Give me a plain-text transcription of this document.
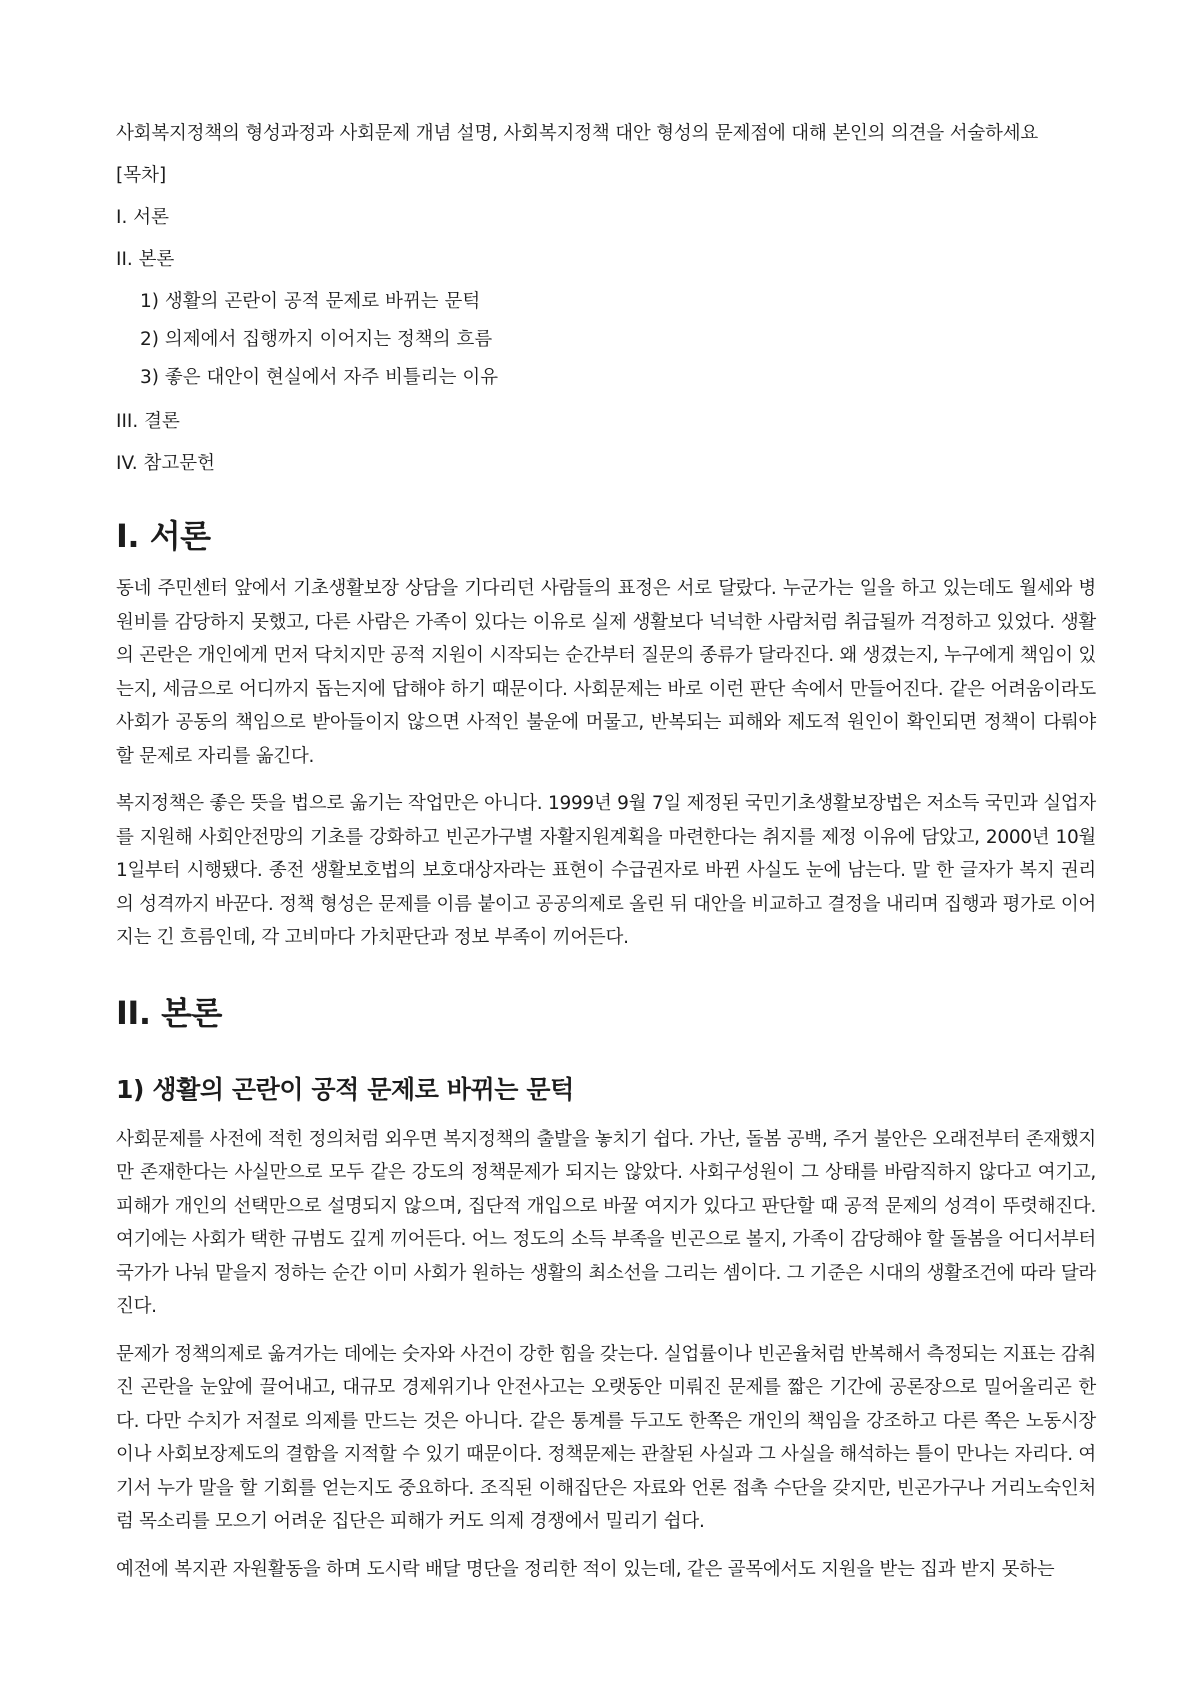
사회복지정책의 형성과정과 사회문제 개념 설명, 사회복지정책 대안 형성의 문제점에 대해 본인의 의견을 서술하세요

[목차]

I. 서론
II. 본론
1) 생활의 곤란이 공적 문제로 바뀌는 문턱
2) 의제에서 집행까지 이어지는 정책의 흐름
3) 좋은 대안이 현실에서 자주 비틀리는 이유
III. 결론
IV. 참고문헌
I. 서론

동네 주민센터 앞에서 기초생활보장 상담을 기다리던 사람들의 표정은 서로 달랐다. 누군가는 일을 하고 있는데도 월세와 병원비를 감당하지 못했고, 다른 사람은 가족이 있다는 이유로 실제 생활보다 넉넉한 사람처럼 취급될까 걱정하고 있었다. 생활의 곤란은 개인에게 먼저 닥치지만 공적 지원이 시작되는 순간부터 질문의 종류가 달라진다. 왜 생겼는지, 누구에게 책임이 있는지, 세금으로 어디까지 돕는지에 답해야 하기 때문이다. 사회문제는 바로 이런 판단 속에서 만들어진다. 같은 어려움이라도 사회가 공동의 책임으로 받아들이지 않으면 사적인 불운에 머물고, 반복되는 피해와 제도적 원인이 확인되면 정책이 다뤄야 할 문제로 자리를 옮긴다.

복지정책은 좋은 뜻을 법으로 옮기는 작업만은 아니다. 1999년 9월 7일 제정된 국민기초생활보장법은 저소득 국민과 실업자를 지원해 사회안전망의 기초를 강화하고 빈곤가구별 자활지원계획을 마련한다는 취지를 제정 이유에 담았고, 2000년 10월 1일부터 시행됐다. 종전 생활보호법의 보호대상자라는 표현이 수급권자로 바뀐 사실도 눈에 남는다. 말 한 글자가 복지 권리의 성격까지 바꾼다. 정책 형성은 문제를 이름 붙이고 공공의제로 올린 뒤 대안을 비교하고 결정을 내리며 집행과 평가로 이어지는 긴 흐름인데, 각 고비마다 가치판단과 정보 부족이 끼어든다.

II. 본론
1) 생활의 곤란이 공적 문제로 바뀌는 문턱

사회문제를 사전에 적힌 정의처럼 외우면 복지정책의 출발을 놓치기 쉽다. 가난, 돌봄 공백, 주거 불안은 오래전부터 존재했지만 존재한다는 사실만으로 모두 같은 강도의 정책문제가 되지는 않았다. 사회구성원이 그 상태를 바람직하지 않다고 여기고, 피해가 개인의 선택만으로 설명되지 않으며, 집단적 개입으로 바꿀 여지가 있다고 판단할 때 공적 문제의 성격이 뚜렷해진다. 여기에는 사회가 택한 규범도 깊게 끼어든다. 어느 정도의 소득 부족을 빈곤으로 볼지, 가족이 감당해야 할 돌봄을 어디서부터 국가가 나눠 맡을지 정하는 순간 이미 사회가 원하는 생활의 최소선을 그리는 셈이다. 그 기준은 시대의 생활조건에 따라 달라진다.

문제가 정책의제로 옮겨가는 데에는 숫자와 사건이 강한 힘을 갖는다. 실업률이나 빈곤율처럼 반복해서 측정되는 지표는 감춰진 곤란을 눈앞에 끌어내고, 대규모 경제위기나 안전사고는 오랫동안 미뤄진 문제를 짧은 기간에 공론장으로 밀어올리곤 한다. 다만 수치가 저절로 의제를 만드는 것은 아니다. 같은 통계를 두고도 한쪽은 개인의 책임을 강조하고 다른 쪽은 노동시장이나 사회보장제도의 결함을 지적할 수 있기 때문이다. 정책문제는 관찰된 사실과 그 사실을 해석하는 틀이 만나는 자리다. 여기서 누가 말을 할 기회를 얻는지도 중요하다. 조직된 이해집단은 자료와 언론 접촉 수단을 갖지만, 빈곤가구나 거리노숙인처럼 목소리를 모으기 어려운 집단은 피해가 커도 의제 경쟁에서 밀리기 쉽다.

예전에 복지관 자원활동을 하며 도시락 배달 명단을 정리한 적이 있는데, 같은 골목에서도 지원을 받는 집과 받지 못하는
